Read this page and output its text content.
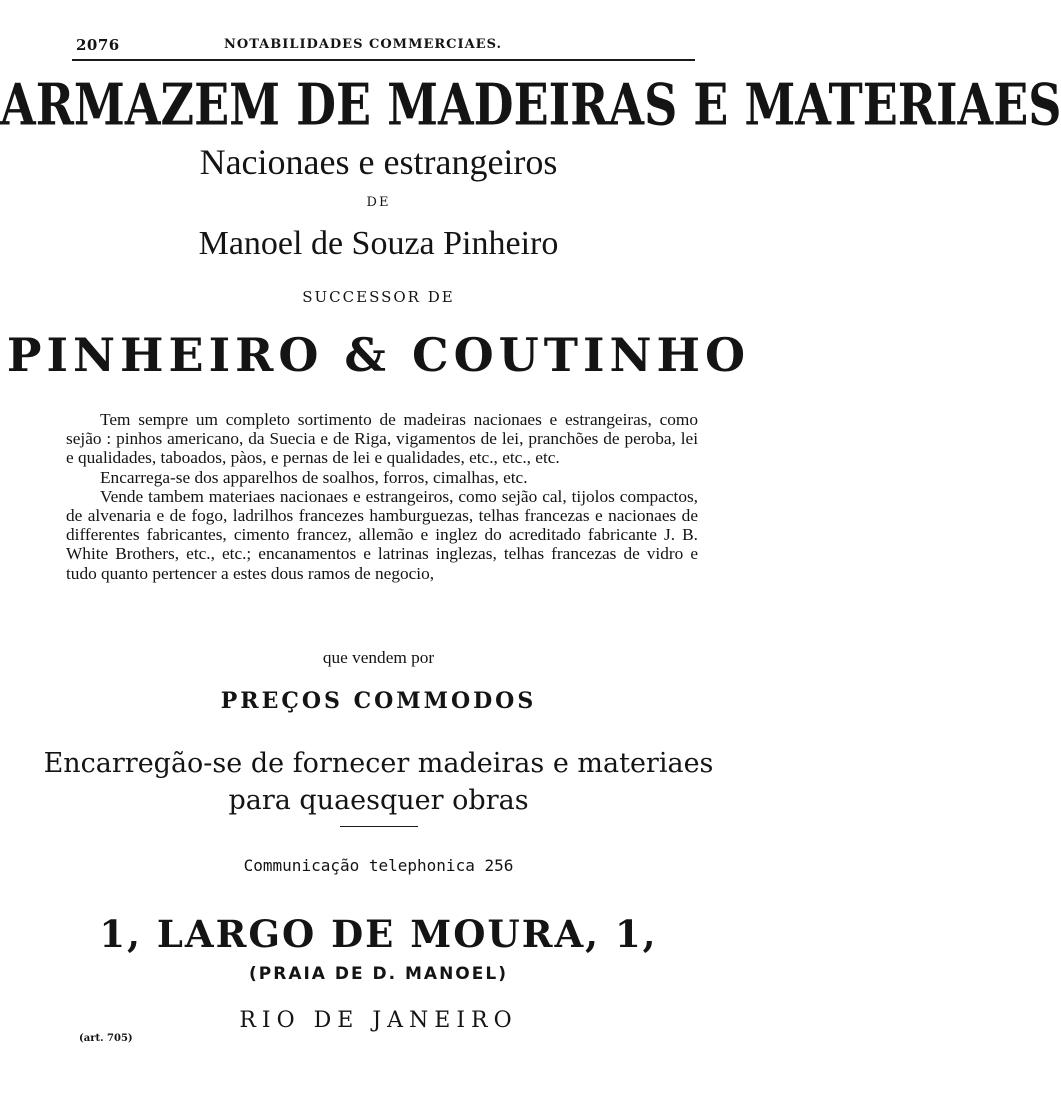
2076	NOTABILIDADES COMMERCIAES.
ARMAZEM DE MADEIRAS E MATERIAES
Nacionaes e estrangeiros
DE
Manoel de Souza Pinheiro
SUCCESSOR DE
PINHEIRO & COUTINHO

Tem sempre um completo sortimento de madeiras nacionaes e estrangeiras, como sejão : pinhos americano, da Suecia e de Riga, vigamentos de lei, pranchões de peroba, lei e qualidades, taboados, pàos, e pernas de lei e qualidades, etc., etc., etc.

Encarrega-se dos apparelhos de soalhos, forros, cimalhas, etc.

Vende tambem materiaes nacionaes e estrangeiros, como sejão cal, tijolos compactos, de alvenaria e de fogo, ladrilhos francezes hamburguezas, telhas francezas e nacionaes de differentes fabricantes, cimento francez, allemão e inglez do acreditado fabricante J. B. White Brothers, etc., etc.; encanamentos e latrinas inglezas, telhas francezas de vidro e tudo quanto pertencer a estes dous ramos de negocio,

que vendem por
PREÇOS COMMODOS
Encarregão-se de fornecer madeiras e materiaes
para quaesquer obras
Communicação telephonica 256
1, LARGO DE MOURA, 1,
(PRAIA DE D. MANOEL)
RIO DE JANEIRO
(art. 705)
